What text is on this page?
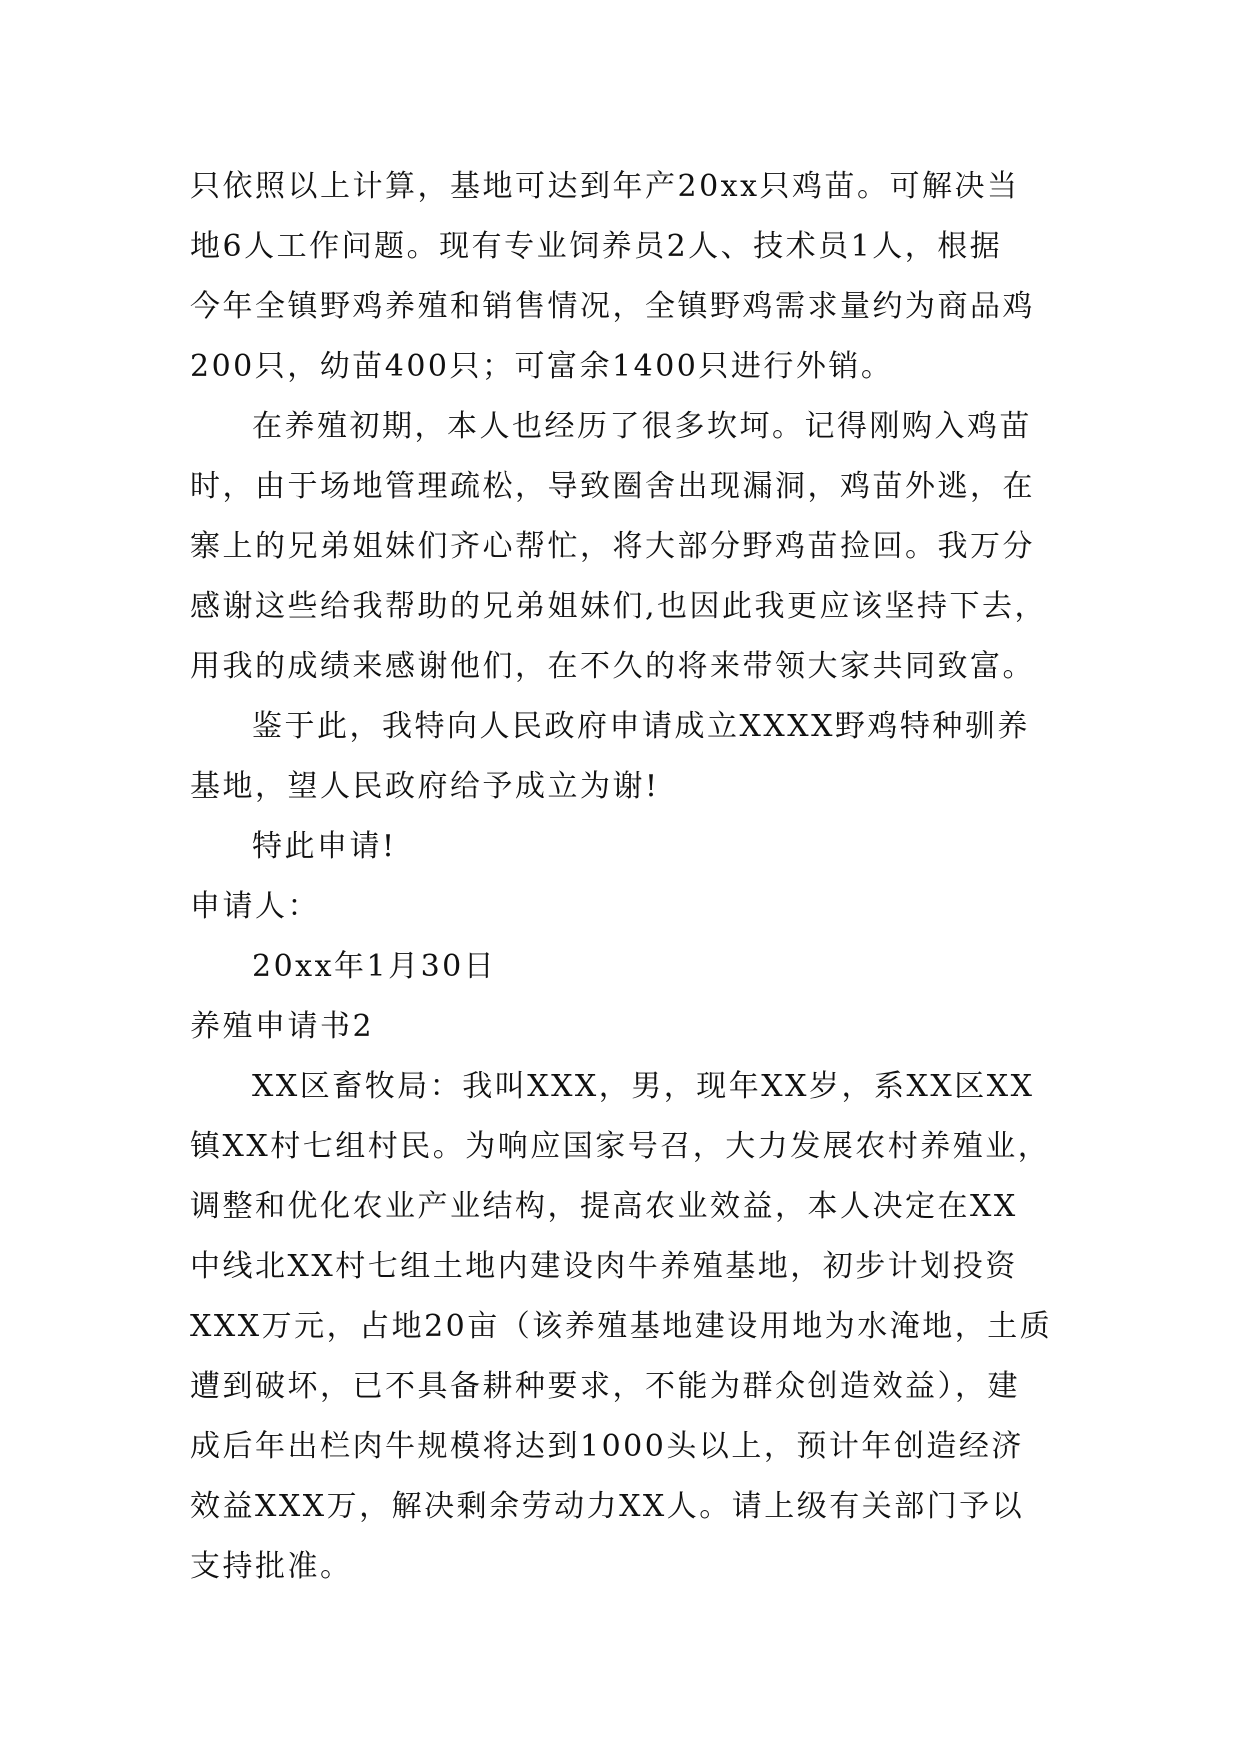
只依照以上计算，基地可达到年产20xx只鸡苗。可解决当
地6人工作问题。现有专业饲养员2人、技术员1人，根据
今年全镇野鸡养殖和销售情况，全镇野鸡需求量约为商品鸡
200只，幼苗400只；可富余1400只进行外销。
在养殖初期，本人也经历了很多坎坷。记得刚购入鸡苗
时，由于场地管理疏松，导致圈舍出现漏洞，鸡苗外逃，在
寨上的兄弟姐妹们齐心帮忙，将大部分野鸡苗捡回。我万分
感谢这些给我帮助的兄弟姐妹们,也因此我更应该坚持下去，
用我的成绩来感谢他们，在不久的将来带领大家共同致富。
鉴于此，我特向人民政府申请成立XXXX野鸡特种驯养
基地，望人民政府给予成立为谢!
特此申请!
申请人：
20xx年1月30日
养殖申请书2
XX区畜牧局：我叫XXX，男，现年XX岁，系XX区XX
镇XX村七组村民。为响应国家号召，大力发展农村养殖业，
调整和优化农业产业结构，提高农业效益，本人决定在XX
中线北XX村七组土地内建设肉牛养殖基地，初步计划投资
XXX万元，占地20亩（该养殖基地建设用地为水淹地，土质
遭到破坏，已不具备耕种要求，不能为群众创造效益），建
成后年出栏肉牛规模将达到1000头以上，预计年创造经济
效益XXX万，解决剩余劳动力XX人。请上级有关部门予以
支持批准。
